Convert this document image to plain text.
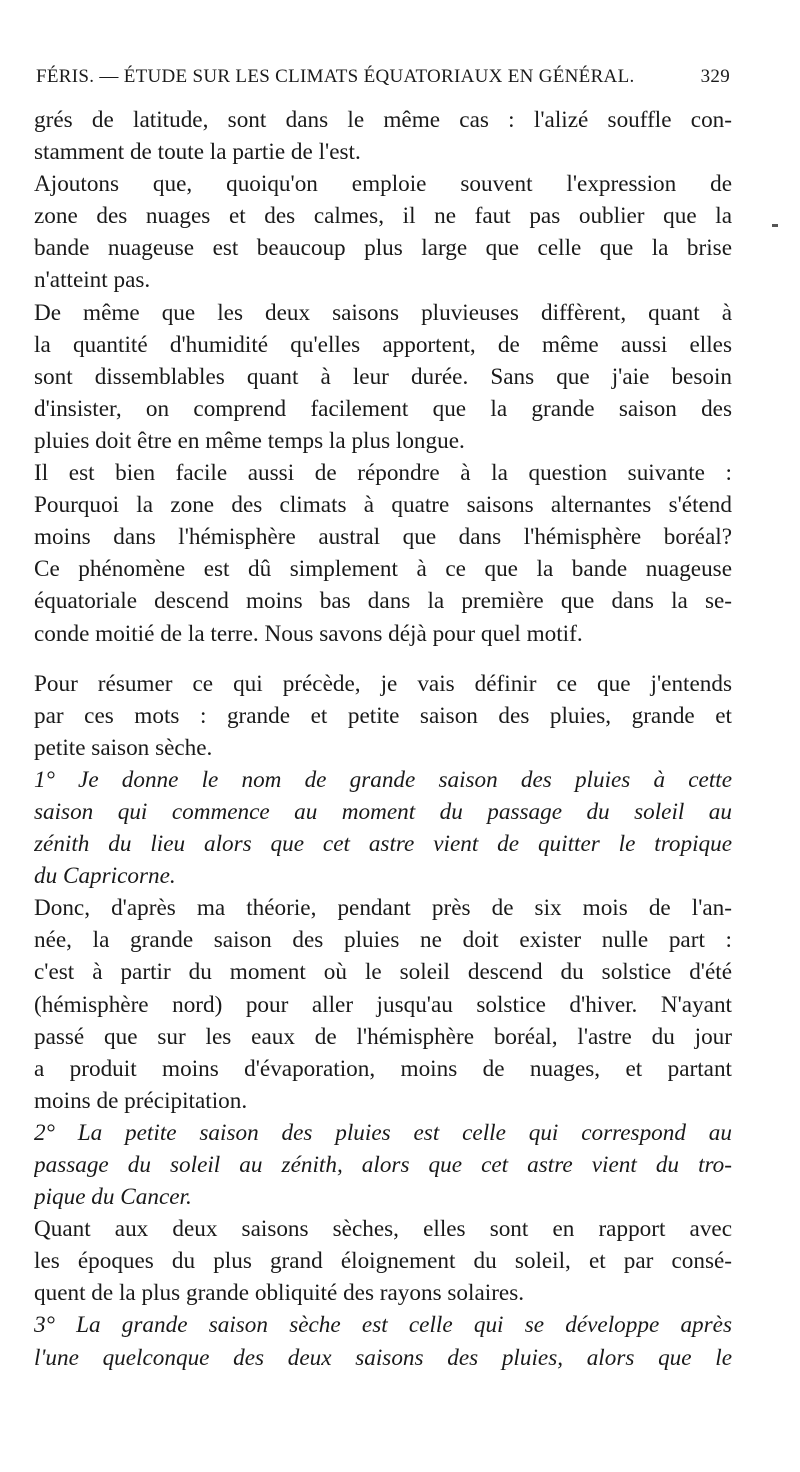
FÉRIS. — ÉTUDE SUR LES CLIMATS ÉQUATORIAUX EN GÉNÉRAL.	329
grés de latitude, sont dans le même cas : l'alizé souffle con-
stamment de toute la partie de l'est.
Ajoutons que, quoiqu'on emploie souvent l'expression de
zone des nuages et des calmes, il ne faut pas oublier que la
bande nuageuse est beaucoup plus large que celle que la brise
n'atteint pas.
De même que les deux saisons pluvieuses diffèrent, quant à
la quantité d'humidité qu'elles apportent, de même aussi elles
sont dissemblables quant à leur durée. Sans que j'aie besoin
d'insister, on comprend facilement que la grande saison des
pluies doit être en même temps la plus longue.
Il est bien facile aussi de répondre à la question suivante :
Pourquoi la zone des climats à quatre saisons alternantes s'étend
moins dans l'hémisphère austral que dans l'hémisphère boréal?
Ce phénomène est dû simplement à ce que la bande nuageuse
équatoriale descend moins bas dans la première que dans la se-
conde moitié de la terre. Nous savons déjà pour quel motif.
Pour résumer ce qui précède, je vais définir ce que j'entends
par ces mots : grande et petite saison des pluies, grande et
petite saison sèche.
1° Je donne le nom de grande saison des pluies à cette
saison qui commence au moment du passage du soleil au
zénith du lieu alors que cet astre vient de quitter le tropique
du Capricorne.
Donc, d'après ma théorie, pendant près de six mois de l'an-
née, la grande saison des pluies ne doit exister nulle part :
c'est à partir du moment où le soleil descend du solstice d'été
(hémisphère nord) pour aller jusqu'au solstice d'hiver. N'ayant
passé que sur les eaux de l'hémisphère boréal, l'astre du jour
a produit moins d'évaporation, moins de nuages, et partant
moins de précipitation.
2° La petite saison des pluies est celle qui correspond au
passage du soleil au zénith, alors que cet astre vient du tro-
pique du Cancer.
Quant aux deux saisons sèches, elles sont en rapport avec
les époques du plus grand éloignement du soleil, et par consé-
quent de la plus grande obliquité des rayons solaires.
3° La grande saison sèche est celle qui se développe après
l'une quelconque des deux saisons des pluies, alors que le
